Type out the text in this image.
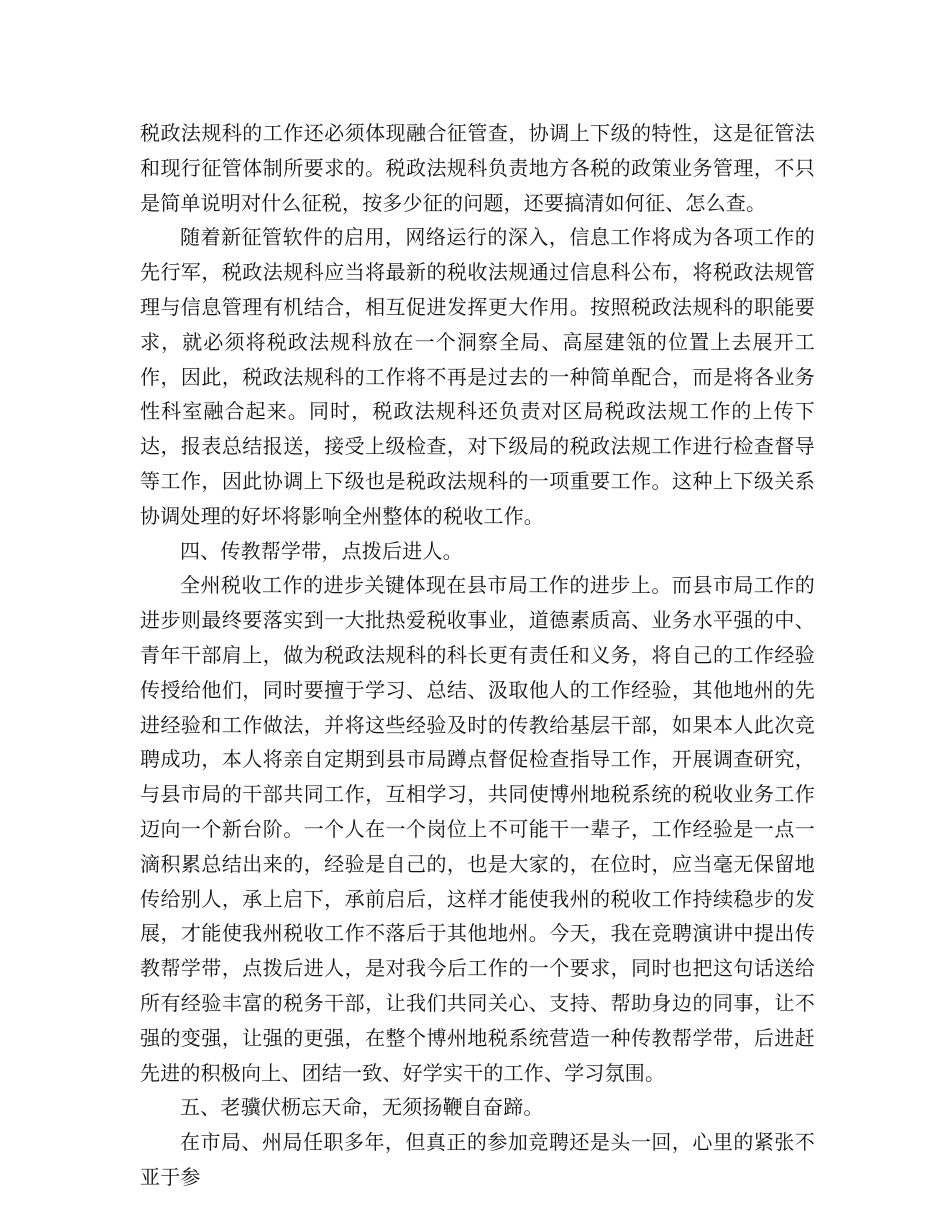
税政法规科的工作还必须体现融合征管查，协调上下级的特性，这是征管法和现行征管体制所要求的。税政法规科负责地方各税的政策业务管理，不只是简单说明对什么征税，按多少征的问题，还要搞清如何征、怎么查。

随着新征管软件的启用，网络运行的深入，信息工作将成为各项工作的先行军，税政法规科应当将最新的税收法规通过信息科公布，将税政法规管理与信息管理有机结合，相互促进发挥更大作用。按照税政法规科的职能要求，就必须将税政法规科放在一个洞察全局、高屋建瓴的位置上去展开工作，因此，税政法规科的工作将不再是过去的一种简单配合，而是将各业务性科室融合起来。同时，税政法规科还负责对区局税政法规工作的上传下达，报表总结报送，接受上级检查，对下级局的税政法规工作进行检查督导等工作，因此协调上下级也是税政法规科的一项重要工作。这种上下级关系协调处理的好坏将影响全州整体的税收工作。

四、传教帮学带，点拨后进人。

全州税收工作的进步关键体现在县市局工作的进步上。而县市局工作的进步则最终要落实到一大批热爱税收事业，道德素质高、业务水平强的中、青年干部肩上，做为税政法规科的科长更有责任和义务，将自己的工作经验传授给他们，同时要擅于学习、总结、汲取他人的工作经验，其他地州的先进经验和工作做法，并将这些经验及时的传教给基层干部，如果本人此次竞聘成功，本人将亲自定期到县市局蹲点督促检查指导工作，开展调查研究，与县市局的干部共同工作，互相学习，共同使博州地税系统的税收业务工作迈向一个新台阶。一个人在一个岗位上不可能干一辈子，工作经验是一点一滴积累总结出来的，经验是自己的，也是大家的，在位时，应当毫无保留地传给别人，承上启下，承前启后，这样才能使我州的税收工作持续稳步的发展，才能使我州税收工作不落后于其他地州。今天，我在竞聘演讲中提出传教帮学带，点拨后进人，是对我今后工作的一个要求，同时也把这句话送给所有经验丰富的税务干部，让我们共同关心、支持、帮助身边的同事，让不强的变强，让强的更强，在整个博州地税系统营造一种传教帮学带，后进赶先进的积极向上、团结一致、好学实干的工作、学习氛围。

五、老骥伏枥忘天命，无须扬鞭自奋蹄。

在市局、州局任职多年，但真正的参加竞聘还是头一回，心里的紧张不亚于参
